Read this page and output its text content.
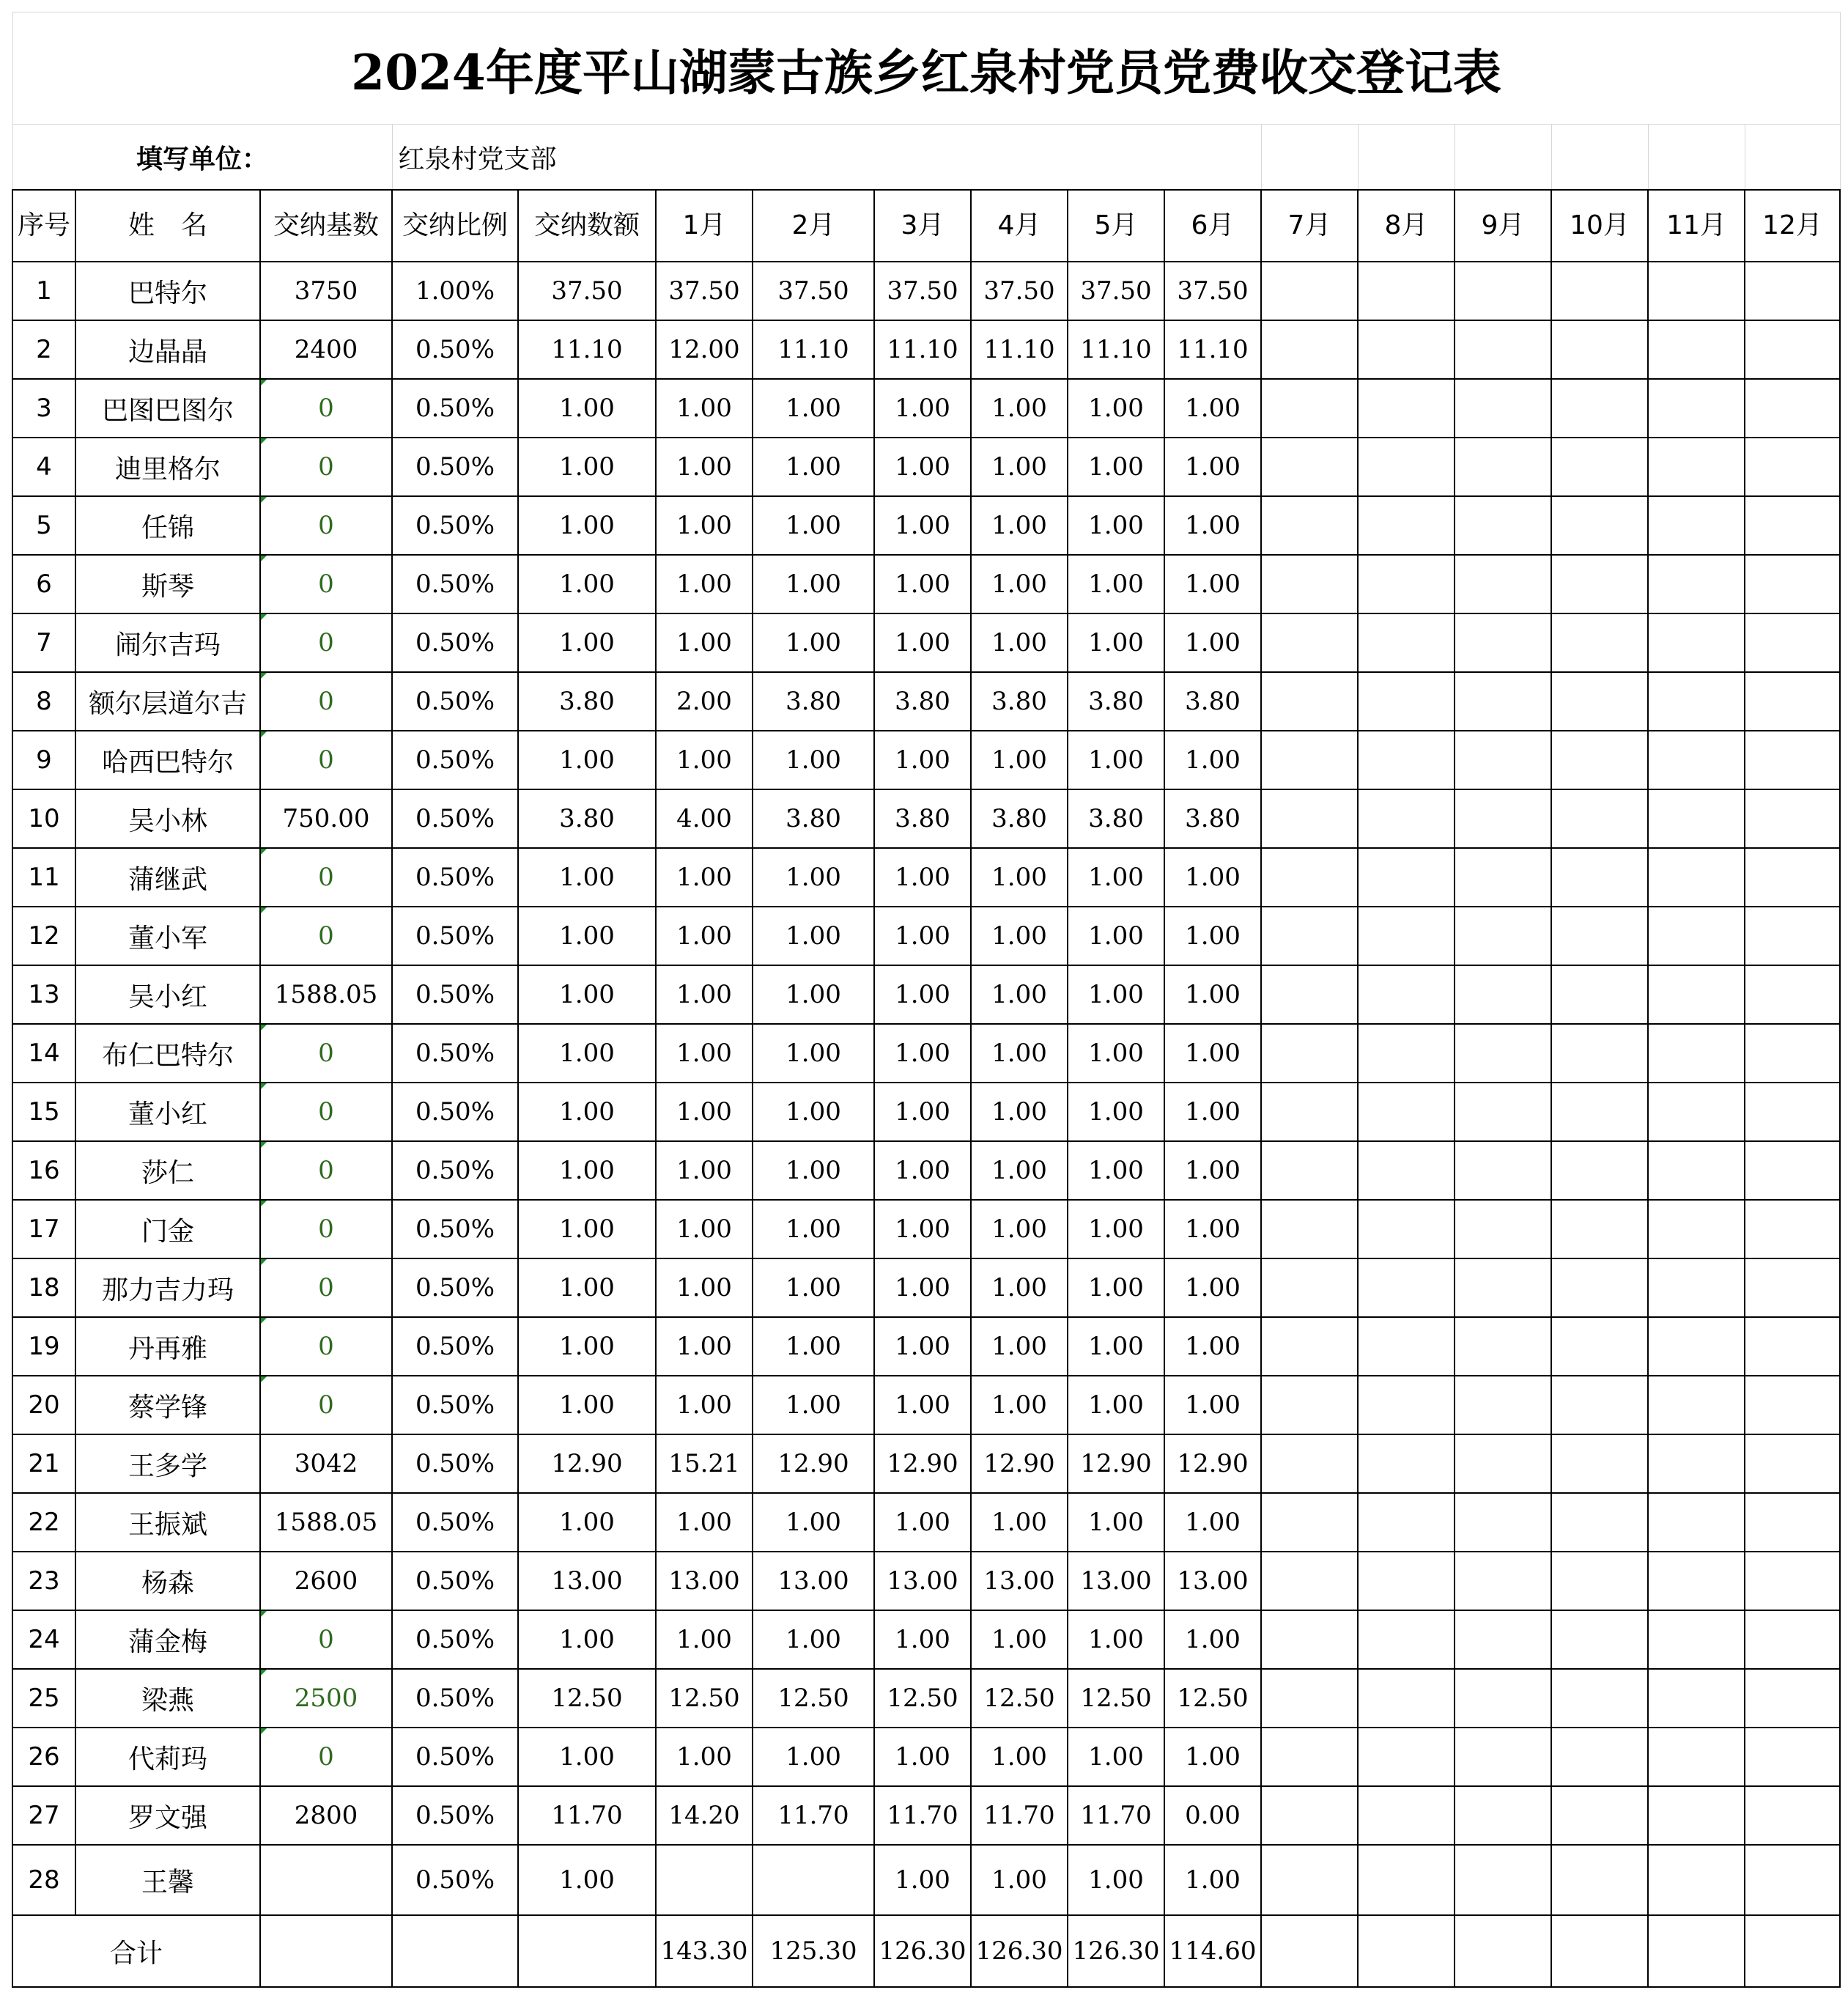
2024年度平山湖蒙古族乡红泉村党员党费收交登记表																
填写单位：			红泉村党支部													
序号	姓　名	交纳基数	交纳比例	交纳数额	1月	2月	3月	4月	5月	6月	7月	8月	9月	10月	11月	12月
1	巴特尔	3750	1.00%	37.50	37.50	37.50	37.50	37.50	37.50	37.50						
2	边晶晶	2400	0.50%	11.10	12.00	11.10	11.10	11.10	11.10	11.10						
3	巴图巴图尔	0	0.50%	1.00	1.00	1.00	1.00	1.00	1.00	1.00						
4	迪里格尔	0	0.50%	1.00	1.00	1.00	1.00	1.00	1.00	1.00						
5	任锦	0	0.50%	1.00	1.00	1.00	1.00	1.00	1.00	1.00						
6	斯琴	0	0.50%	1.00	1.00	1.00	1.00	1.00	1.00	1.00						
7	闹尔吉玛	0	0.50%	1.00	1.00	1.00	1.00	1.00	1.00	1.00						
8	额尔层道尔吉	0	0.50%	3.80	2.00	3.80	3.80	3.80	3.80	3.80						
9	哈西巴特尔	0	0.50%	1.00	1.00	1.00	1.00	1.00	1.00	1.00						
10	吴小林	750.00	0.50%	3.80	4.00	3.80	3.80	3.80	3.80	3.80						
11	蒲继武	0	0.50%	1.00	1.00	1.00	1.00	1.00	1.00	1.00						
12	董小军	0	0.50%	1.00	1.00	1.00	1.00	1.00	1.00	1.00						
13	吴小红	1588.05	0.50%	1.00	1.00	1.00	1.00	1.00	1.00	1.00						
14	布仁巴特尔	0	0.50%	1.00	1.00	1.00	1.00	1.00	1.00	1.00						
15	董小红	0	0.50%	1.00	1.00	1.00	1.00	1.00	1.00	1.00						
16	莎仁	0	0.50%	1.00	1.00	1.00	1.00	1.00	1.00	1.00						
17	门金	0	0.50%	1.00	1.00	1.00	1.00	1.00	1.00	1.00						
18	那力吉力玛	0	0.50%	1.00	1.00	1.00	1.00	1.00	1.00	1.00						
19	丹再雅	0	0.50%	1.00	1.00	1.00	1.00	1.00	1.00	1.00						
20	蔡学锋	0	0.50%	1.00	1.00	1.00	1.00	1.00	1.00	1.00						
21	王多学	3042	0.50%	12.90	15.21	12.90	12.90	12.90	12.90	12.90						
22	王振斌	1588.05	0.50%	1.00	1.00	1.00	1.00	1.00	1.00	1.00						
23	杨森	2600	0.50%	13.00	13.00	13.00	13.00	13.00	13.00	13.00						
24	蒲金梅	0	0.50%	1.00	1.00	1.00	1.00	1.00	1.00	1.00						
25	梁燕	2500	0.50%	12.50	12.50	12.50	12.50	12.50	12.50	12.50						
26	代莉玛	0	0.50%	1.00	1.00	1.00	1.00	1.00	1.00	1.00						
27	罗文强	2800	0.50%	11.70	14.20	11.70	11.70	11.70	11.70	0.00						
28	王馨		0.50%	1.00			1.00	1.00	1.00	1.00						
合计					143.30	125.30	126.30	126.30	126.30	114.60						
